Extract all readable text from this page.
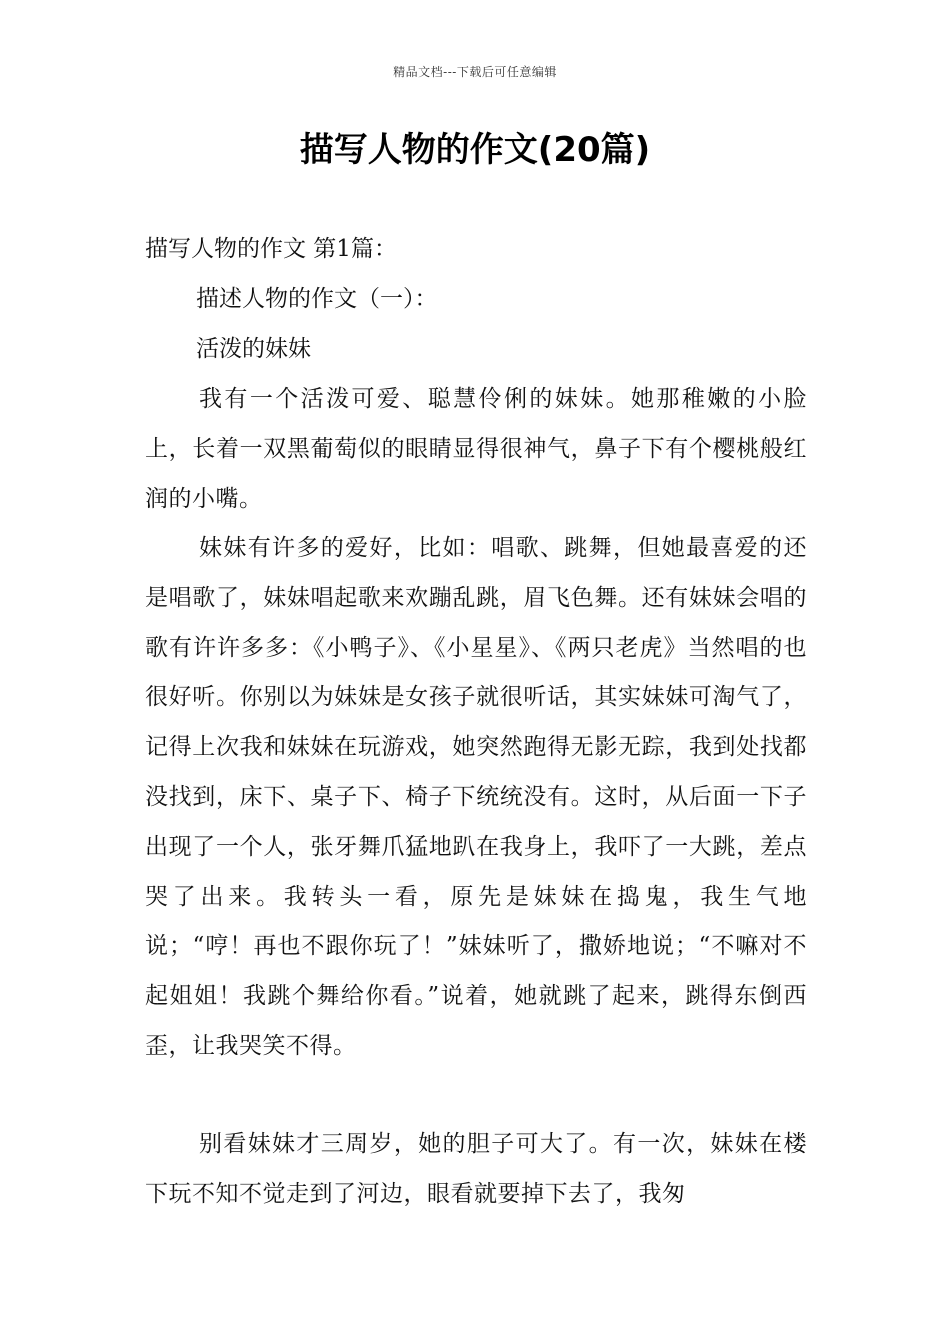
精品文档---下载后可任意编辑
描写人物的作文(20篇)
描写人物的作文 第1篇：
描述人物的作文（一）：
活泼的妹妹

我有一个活泼可爱、聪慧伶俐的妹妹。她那稚嫩的小脸上，长着一双黑葡萄似的眼睛显得很神气，鼻子下有个樱桃般红润的小嘴。

妹妹有许多的爱好，比如：唱歌、跳舞，但她最喜爱的还是唱歌了，妹妹唱起歌来欢蹦乱跳，眉飞色舞。还有妹妹会唱的歌有许许多多：《小鸭子》、《小星星》、《两只老虎》当然唱的也很好听。你别以为妹妹是女孩子就很听话，其实妹妹可淘气了，记得上次我和妹妹在玩游戏，她突然跑得无影无踪，我到处找都没找到，床下、桌子下、椅子下统统没有。这时，从后面一下子出现了一个人，张牙舞爪猛地趴在我身上，我吓了一大跳，差点哭了出来。我转头一看，原先是妹妹在捣鬼，我生气地说；“哼！再也不跟你玩了！”妹妹听了，撒娇地说；“不嘛对不起姐姐！我跳个舞给你看。”说着，她就跳了起来，跳得东倒西歪，让我哭笑不得。

别看妹妹才三周岁，她的胆子可大了。有一次，妹妹在楼下玩不知不觉走到了河边，眼看就要掉下去了，我匆
